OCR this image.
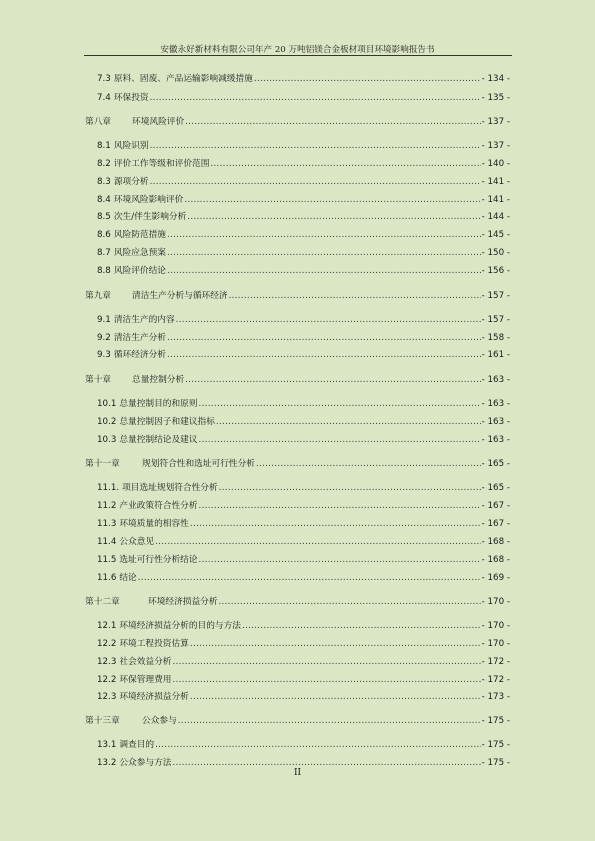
安徽永好新材料有限公司年产 20 万吨铝镁合金板材项目环境影响报告书
7.3 原料、固废、产品运输影响减缓措施 .....	- 134 -
7.4 环保投资 .....	- 135 -
第八章	环境风险评价 .....	- 137 -
8.1 风险识别 .....	- 137 -
8.2 评价工作等级和评价范围 .....	- 140 -
8.3 源项分析 .....	- 141 -
8.4 环境风险影响评价 .....	- 141 -
8.5 次生/伴生影响分析 .....	- 144 -
8.6 风险防范措施 .....	- 145 -
8.7 风险应急预案 .....	- 150 -
8.8 风险评价结论 .....	- 156 -
第九章	清洁生产分析与循环经济 .....	- 157 -
9.1 清洁生产的内容 .....	- 157 -
9.2 清洁生产分析 .....	- 158 -
9.3 循环经济分析 .....	- 161 -
第十章	总量控制分析 .....	- 163 -
10.1 总量控制目的和原则 .....	- 163 -
10.2 总量控制因子和建议指标 .....	- 163 -
10.3 总量控制结论及建议 .....	- 163 -
第十一章	规划符合性和选址可行性分析 .....	- 165 -
11.1. 项目选址规划符合性分析 .....	- 165 -
11.2 产业政策符合性分析 .....	- 167 -
11.3 环境质量的相容性 .....	- 167 -
11.4 公众意见 .....	- 168 -
11.5 选址可行性分析结论 .....	- 168 -
11.6 结论 .....	- 169 -
第十二章	环境经济损益分析 .....	- 170 -
12.1 环境经济损益分析的目的与方法 .....	- 170 -
12.2 环境工程投资估算 .....	- 170 -
12.3 社会效益分析 .....	- 172 -
12.2 环保管理费用 .....	- 172 -
12.3 环境经济损益分析 .....	- 173 -
第十三章	公众参与 .....	- 175 -
13.1 调查目的 .....	- 175 -
13.2 公众参与方法 .....	- 175 -
II
